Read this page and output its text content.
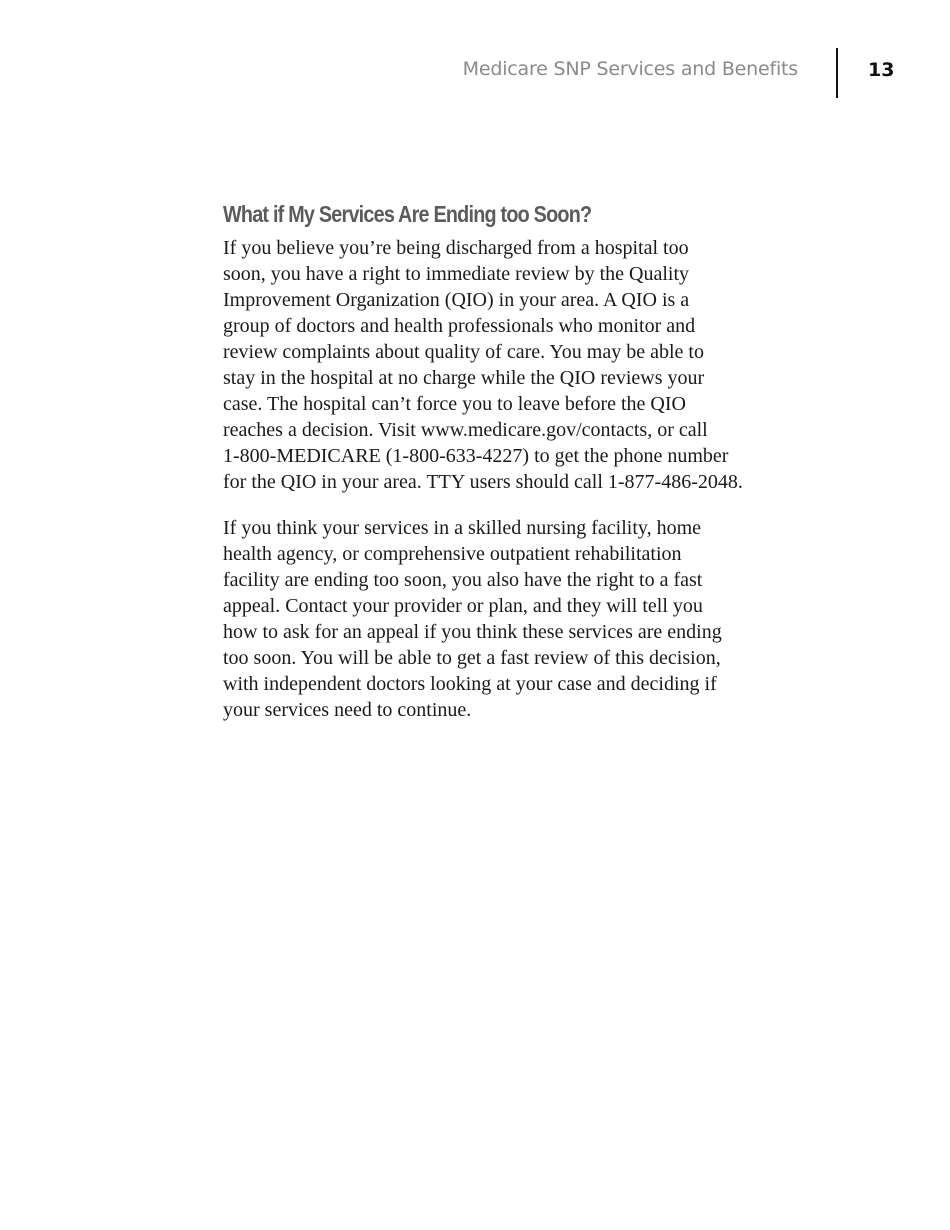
Medicare SNP Services and Benefits	13
What if My Services Are Ending too Soon?

If you believe you’re being discharged from a hospital too
soon, you have a right to immediate review by the Quality
Improvement Organization (QIO) in your area. A QIO is a
group of doctors and health professionals who monitor and
review complaints about quality of care. You may be able to
stay in the hospital at no charge while the QIO reviews your
case. The hospital can’t force you to leave before the QIO
reaches a decision. Visit www.medicare.gov/contacts, or call
1-800-MEDICARE (1-800-633-4227) to get the phone number
for the QIO in your area. TTY users should call 1-877-486-2048.

If you think your services in a skilled nursing facility, home
health agency, or comprehensive outpatient rehabilitation
facility are ending too soon, you also have the right to a fast
appeal. Contact your provider or plan, and they will tell you
how to ask for an appeal if you think these services are ending
too soon. You will be able to get a fast review of this decision,
with independent doctors looking at your case and deciding if
your services need to continue.
